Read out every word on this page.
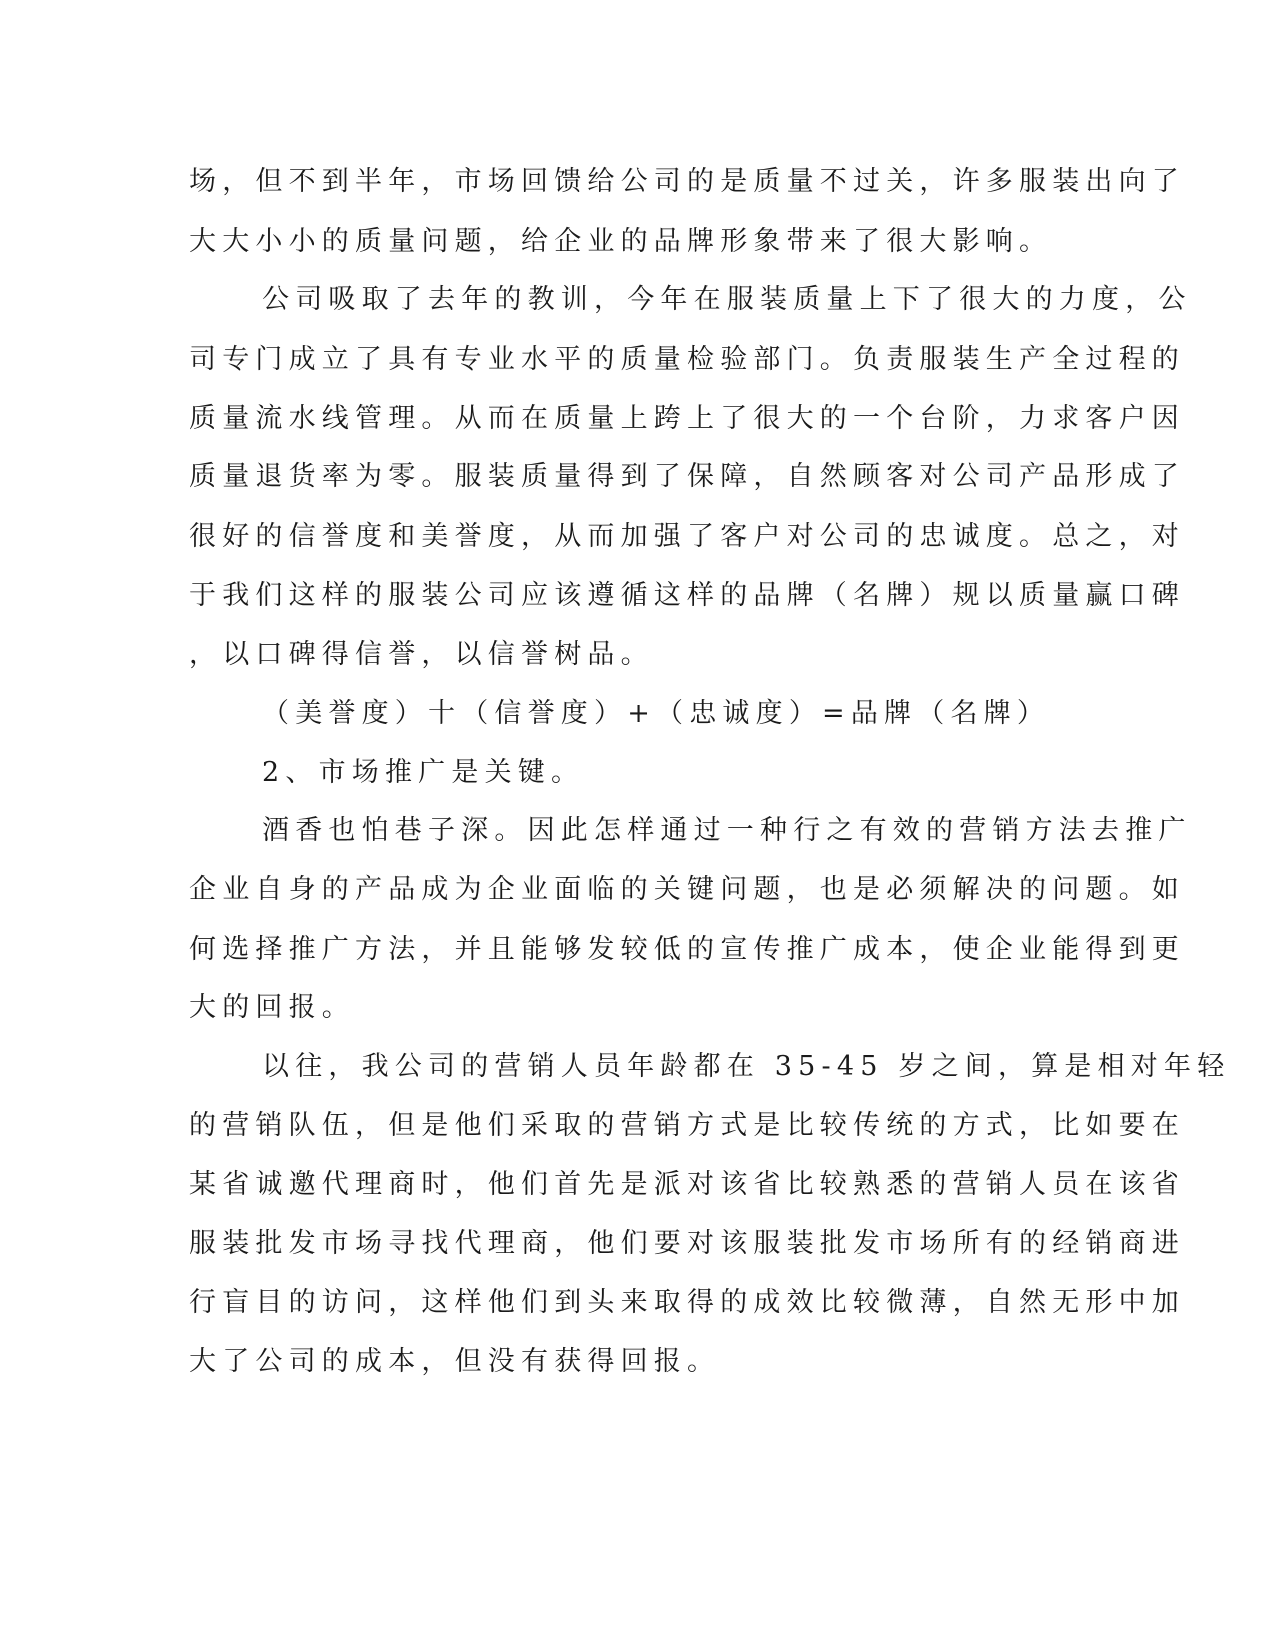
场，但不到半年，市场回馈给公司的是质量不过关，许多服装出向了
大大小小的质量问题，给企业的品牌形象带来了很大影响。
公司吸取了去年的教训，今年在服装质量上下了很大的力度，公
司专门成立了具有专业水平的质量检验部门。负责服装生产全过程的
质量流水线管理。从而在质量上跨上了很大的一个台阶，力求客户因
质量退货率为零。服装质量得到了保障，自然顾客对公司产品形成了
很好的信誉度和美誉度，从而加强了客户对公司的忠诚度。总之，对
于我们这样的服装公司应该遵循这样的品牌（名牌）规以质量赢口碑
，以口碑得信誉，以信誉树品。
（美誉度）十（信誉度）+（忠诚度）=品牌（名牌）
2、市场推广是关键。
酒香也怕巷子深。因此怎样通过一种行之有效的营销方法去推广
企业自身的产品成为企业面临的关键问题，也是必须解决的问题。如
何选择推广方法，并且能够发较低的宣传推广成本，使企业能得到更
大的回报。
以往，我公司的营销人员年龄都在 35-45 岁之间，算是相对年轻
的营销队伍，但是他们采取的营销方式是比较传统的方式，比如要在
某省诚邀代理商时，他们首先是派对该省比较熟悉的营销人员在该省
服装批发市场寻找代理商，他们要对该服装批发市场所有的经销商进
行盲目的访问，这样他们到头来取得的成效比较微薄，自然无形中加
大了公司的成本，但没有获得回报。
